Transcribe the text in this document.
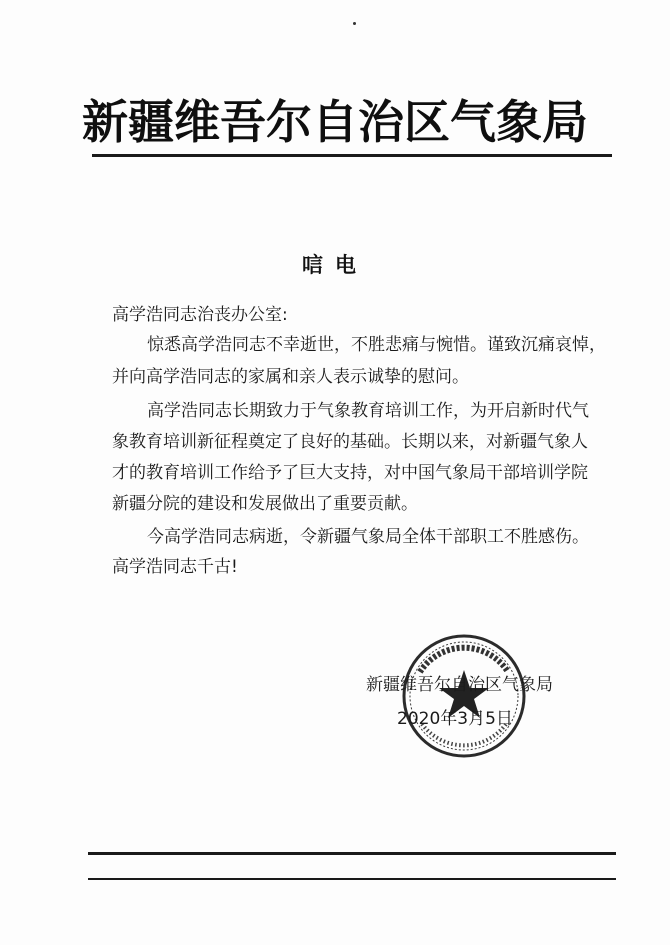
新疆维吾尔自治区气象局
唁电
高学浩同志治丧办公室:
惊悉高学浩同志不幸逝世，不胜悲痛与惋惜。谨致沉痛哀悼，
并向高学浩同志的家属和亲人表示诚挚的慰问。
高学浩同志长期致力于气象教育培训工作，为开启新时代气
象教育培训新征程奠定了良好的基础。长期以来，对新疆气象人
才的教育培训工作给予了巨大支持，对中国气象局干部培训学院
新疆分院的建设和发展做出了重要贡献。
今高学浩同志病逝，令新疆气象局全体干部职工不胜感伤。
高学浩同志千古!
新疆维吾尔自治区气象局
2020年3月5日
